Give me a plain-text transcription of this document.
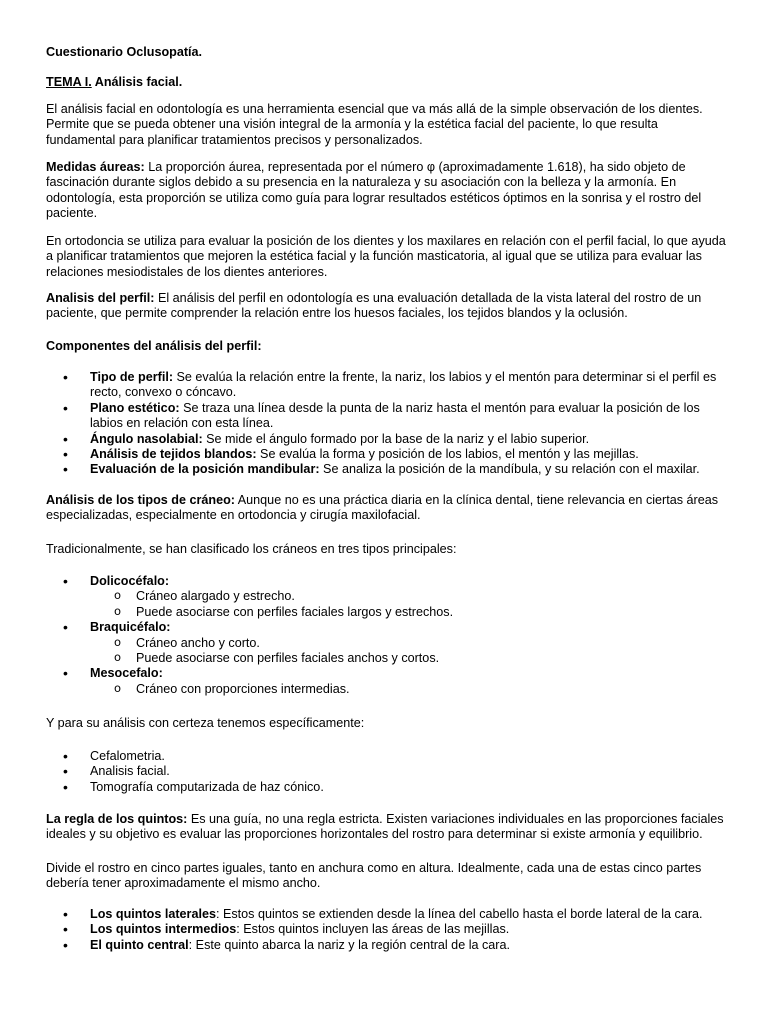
Cuestionario Oclusopatía.

TEMA I. Análisis facial.

El análisis facial en odontología es una herramienta esencial que va más allá de la simple observación de los dientes. Permite que se pueda obtener una visión integral de la armonía y la estética facial del paciente, lo que resulta fundamental para planificar tratamientos precisos y personalizados.

Medidas áureas: La proporción áurea, representada por el número φ (aproximadamente 1.618), ha sido objeto de fascinación durante siglos debido a su presencia en la naturaleza y su asociación con la belleza y la armonía. En odontología, esta proporción se utiliza como guía para lograr resultados estéticos óptimos en la sonrisa y el rostro del paciente.

En ortodoncia se utiliza para evaluar la posición de los dientes y los maxilares en relación con el perfil facial, lo que ayuda a planificar tratamientos que mejoren la estética facial y la función masticatoria, al igual que se utiliza para evaluar las relaciones mesiodistales de los dientes anteriores.

Analisis del perfil: El análisis del perfil en odontología es una evaluación detallada de la vista lateral del rostro de un paciente, que permite comprender la relación entre los huesos faciales, los tejidos blandos y la oclusión.

Componentes del análisis del perfil:

• Tipo de perfil: Se evalúa la relación entre la frente, la nariz, los labios y el mentón para determinar si el perfil es recto, convexo o cóncavo.
• Plano estético: Se traza una línea desde la punta de la nariz hasta el mentón para evaluar la posición de los labios en relación con esta línea.
• Ángulo nasolabial: Se mide el ángulo formado por la base de la nariz y el labio superior.
• Análisis de tejidos blandos: Se evalúa la forma y posición de los labios, el mentón y las mejillas.
• Evaluación de la posición mandibular: Se analiza la posición de la mandíbula, y su relación con el maxilar.

Análisis de los tipos de cráneo: Aunque no es una práctica diaria en la clínica dental, tiene relevancia en ciertas áreas especializadas, especialmente en ortodoncia y cirugía maxilofacial.

Tradicionalmente, se han clasificado los cráneos en tres tipos principales:

• Dolicocéfalo:
o Cráneo alargado y estrecho.
o Puede asociarse con perfiles faciales largos y estrechos.
• Braquicéfalo:
o Cráneo ancho y corto.
o Puede asociarse con perfiles faciales anchos y cortos.
• Mesocefalo:
o Cráneo con proporciones intermedias.

Y para su análisis con certeza tenemos específicamente:

• Cefalometria.
• Analisis facial.
• Tomografía computarizada de haz cónico.

La regla de los quintos: Es una guía, no una regla estricta. Existen variaciones individuales en las proporciones faciales ideales y su objetivo es evaluar las proporciones horizontales del rostro para determinar si existe armonía y equilibrio.

Divide el rostro en cinco partes iguales, tanto en anchura como en altura. Idealmente, cada una de estas cinco partes debería tener aproximadamente el mismo ancho.

• Los quintos laterales: Estos quintos se extienden desde la línea del cabello hasta el borde lateral de la cara.
• Los quintos intermedios: Estos quintos incluyen las áreas de las mejillas.
• El quinto central: Este quinto abarca la nariz y la región central de la cara.
